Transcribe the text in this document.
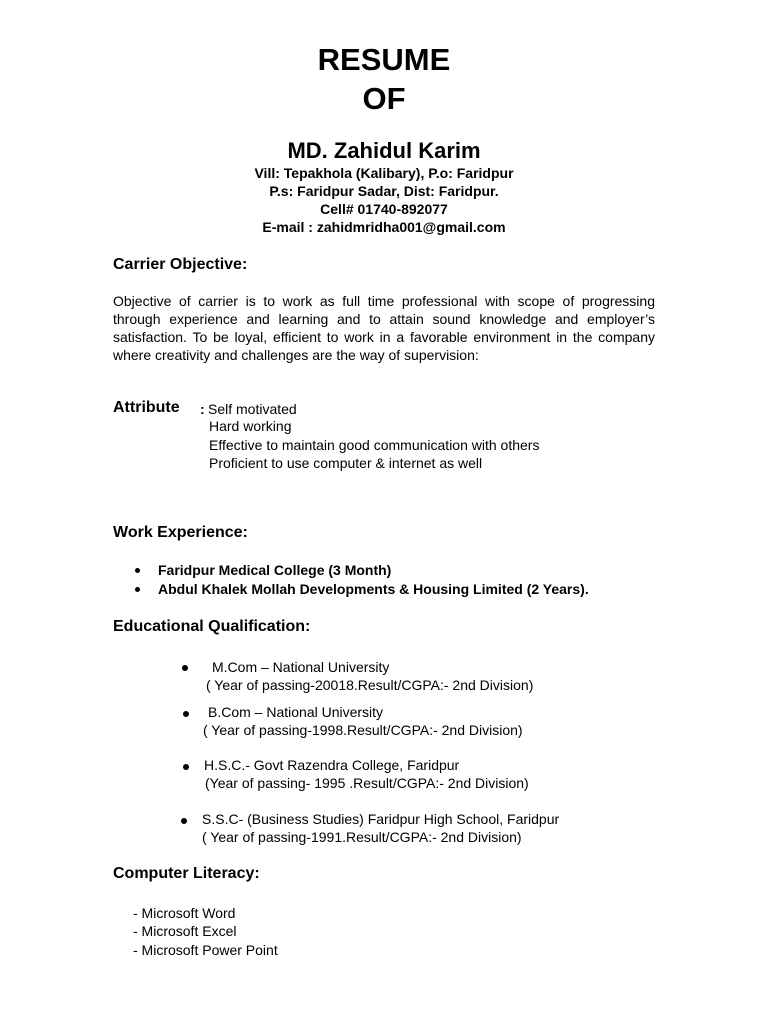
RESUME
OF
MD. Zahidul Karim
Vill: Tepakhola (Kalibary), P.o: Faridpur
P.s: Faridpur Sadar, Dist: Faridpur.
Cell# 01740-892077
E-mail : zahidmridha001@gmail.com
Carrier Objective:
Objective of carrier is to work as full time professional with scope of progressing through experience and learning and to attain sound knowledge and employer’s satisfaction. To be loyal, efficient to work in a favorable environment in the company where creativity and challenges are the way of supervision:
Attribute : Self motivated
Hard working
Effective to maintain good communication with others
Proficient to use computer & internet as well
Work Experience:
Faridpur Medical College (3 Month)
Abdul Khalek Mollah Developments & Housing Limited (2 Years).
Educational Qualification:
M.Com – National University
( Year of passing-20018.Result/CGPA:- 2nd Division)
B.Com – National University
( Year of passing-1998.Result/CGPA:- 2nd Division)
H.S.C.- Govt Razendra College, Faridpur
(Year of passing- 1995 .Result/CGPA:- 2nd Division)
S.S.C- (Business Studies) Faridpur High School, Faridpur
( Year of passing-1991.Result/CGPA:- 2nd Division)
Computer Literacy:
- Microsoft Word
- Microsoft Excel
- Microsoft Power Point
